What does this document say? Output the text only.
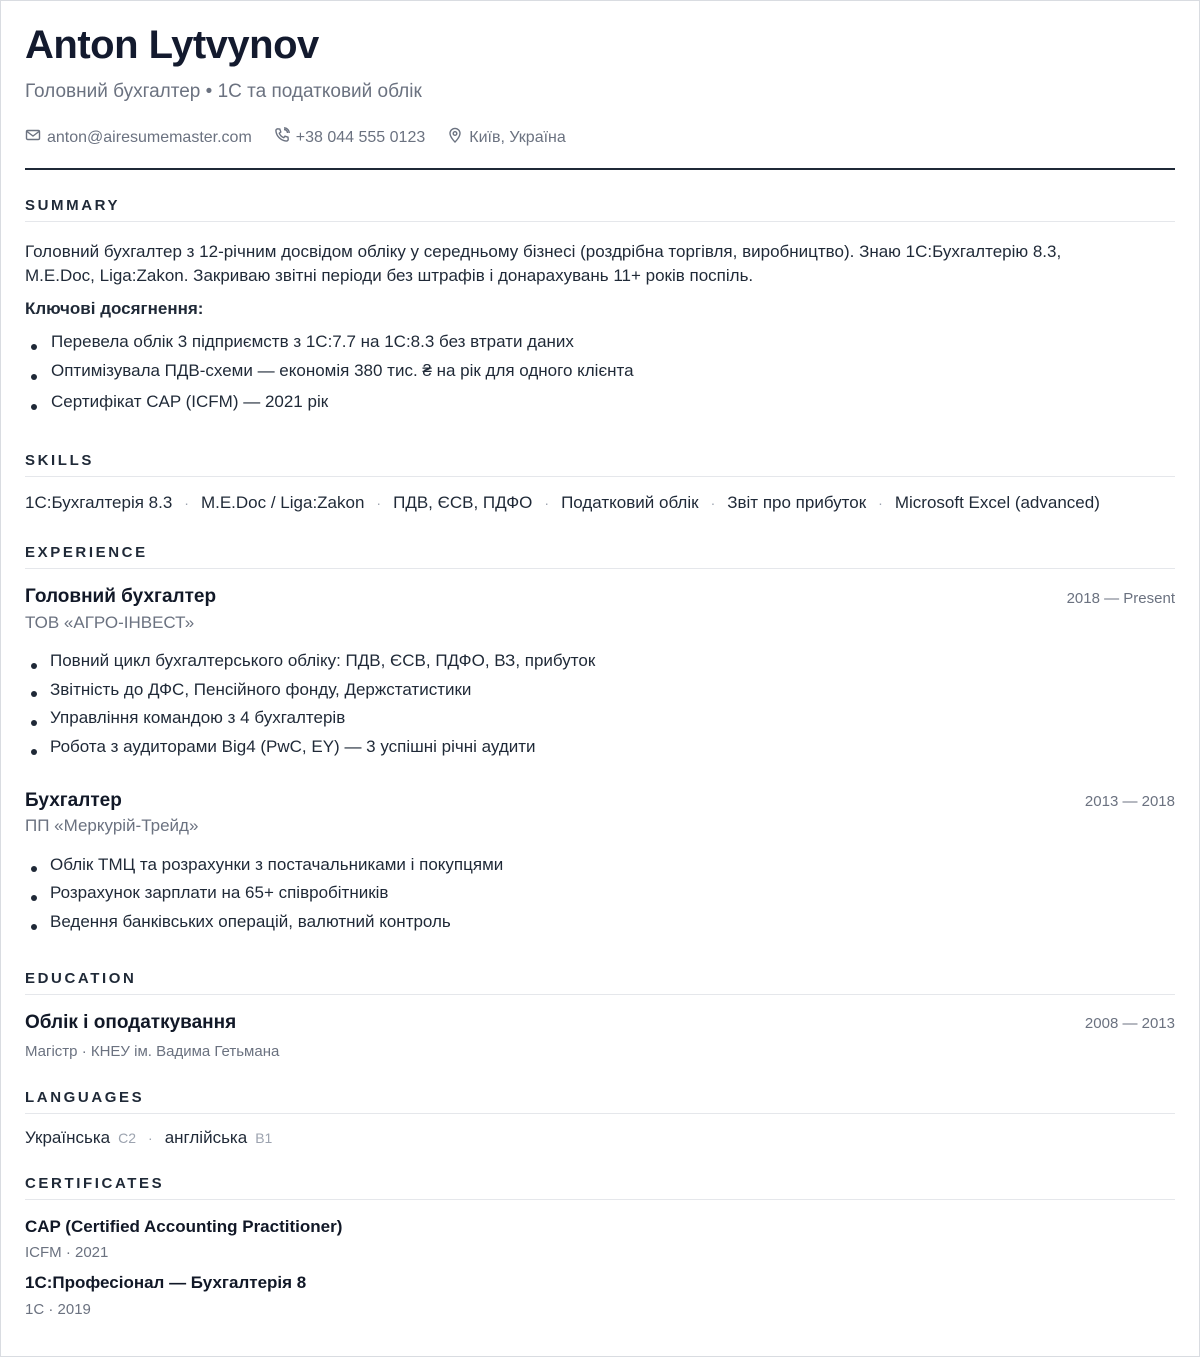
Anton Lytvynov
Головний бухгалтер • 1С та податковий облік
anton@airesumemaster.com	+38 044 555 0123	Київ, Україна
SUMMARY
Головний бухгалтер з 12-річним досвідом обліку у середньому бізнесі (роздрібна торгівля, виробництво). Знаю 1С:Бухгалтерію 8.3,
M.E.Doc, Liga:Zakon. Закриваю звітні періоди без штрафів і донарахувань 11+ років поспіль.
Ключові досягнення:
Перевела облік 3 підприємств з 1С:7.7 на 1С:8.3 без втрати даних
Оптимізувала ПДВ-схеми — економія 380 тис. ₴ на рік для одного клієнта
Сертифікат CAP (ICFM) — 2021 рік
SKILLS
1С:Бухгалтерія 8.3 · M.E.Doc / Liga:Zakon · ПДВ, ЄСВ, ПДФО · Податковий облік · Звіт про прибуток · Microsoft Excel (advanced)
EXPERIENCE
Головний бухгалтер	2018 — Present
ТОВ «АГРО-ІНВЕСТ»
Повний цикл бухгалтерського обліку: ПДВ, ЄСВ, ПДФО, ВЗ, прибуток
Звітність до ДФС, Пенсійного фонду, Держстатистики
Управління командою з 4 бухгалтерів
Робота з аудиторами Big4 (PwC, EY) — 3 успішні річні аудити
Бухгалтер	2013 — 2018
ПП «Меркурій-Трейд»
Облік ТМЦ та розрахунки з постачальниками і покупцями
Розрахунок зарплати на 65+ співробітників
Ведення банківських операцій, валютний контроль
EDUCATION
Облік і оподаткування	2008 — 2013
Магістр · КНЕУ ім. Вадима Гетьмана
LANGUAGES
Українська C2 · англійська B1
CERTIFICATES
CAP (Certified Accounting Practitioner)
ICFM · 2021
1С:Професіонал — Бухгалтерія 8
1С · 2019
